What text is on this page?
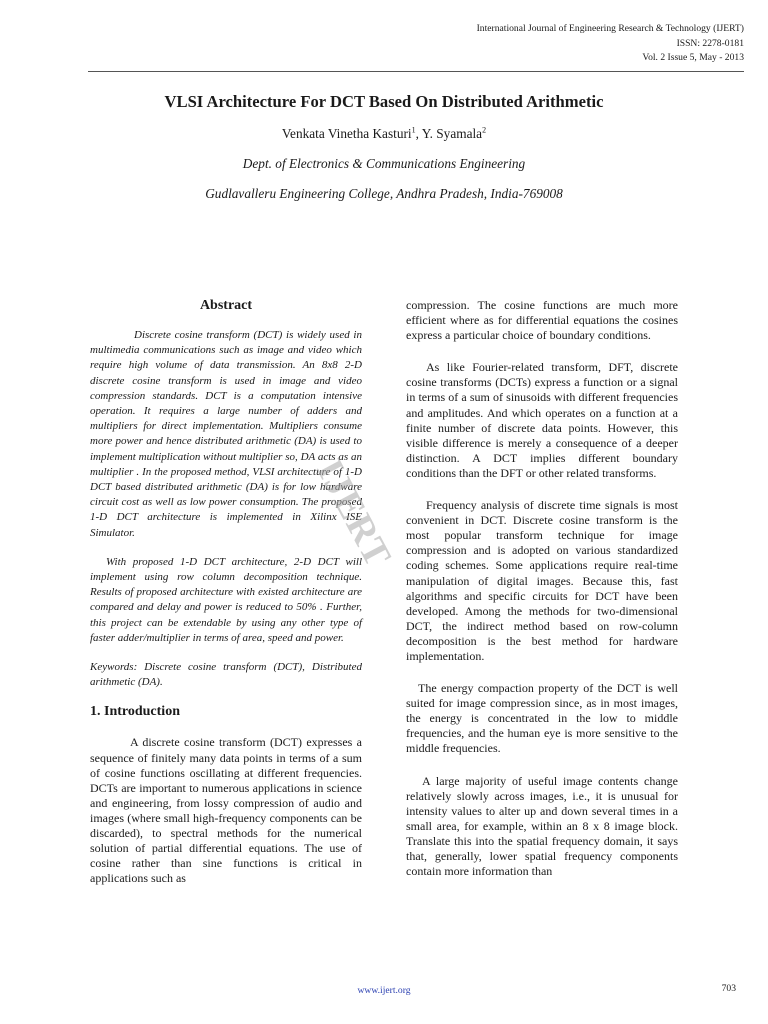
International Journal of Engineering Research & Technology (IJERT)
ISSN: 2278-0181
Vol. 2 Issue 5, May - 2013
VLSI Architecture For DCT Based On Distributed Arithmetic
Venkata Vinetha Kasturi$^1$, Y. Syamala$^2$
Dept. of Electronics & Communications Engineering
Gudlavalleru Engineering College, Andhra Pradesh, India-769008
Abstract

Discrete cosine transform (DCT) is widely used in multimedia communications such as image and video which require high volume of data transmission. An 8x8 2-D discrete cosine transform is used in image and video compression standards. DCT is a computation intensive operation. It requires a large number of adders and multipliers for direct implementation. Multipliers consume more power and hence distributed arithmetic (DA) is used to implement multiplication without multiplier so, DA acts as an multiplier . In the proposed method, VLSI architecture of 1-D DCT based distributed arithmetic (DA) is for low hardware circuit cost as well as low power consumption. The proposed 1-D DCT architecture is implemented in Xilinx ISE Simulator.

With proposed 1-D DCT architecture, 2-D DCT will implement using row column decomposition technique. Results of proposed architecture with existed architecture are compared and delay and power is reduced to 50% . Further, this project can be extendable by using any other type of faster adder/multiplier in terms of area, speed and power.

Keywords: Discrete cosine transform (DCT), Distributed arithmetic (DA).

1. Introduction

A discrete cosine transform (DCT) expresses a sequence of finitely many data points in terms of a sum of cosine functions oscillating at different frequencies. DCTs are important to numerous applications in science and engineering, from lossy compression of audio and images (where small high-frequency components can be discarded), to spectral methods for the numerical solution of partial differential equations. The use of cosine rather than sine functions is critical in applications such as

IJERT

compression. The cosine functions are much more efficient where as for differential equations the cosines express a particular choice of boundary conditions.

As like Fourier-related transform, DFT, discrete cosine transforms (DCTs) express a function or a signal in terms of a sum of sinusoids with different frequencies and amplitudes. And which operates on a function at a finite number of discrete data points. However, this visible difference is merely a consequence of a deeper distinction. A DCT implies different boundary conditions than the DFT or other related transforms.

Frequency analysis of discrete time signals is most convenient in DCT. Discrete cosine transform is the most popular transform technique for image compression and is adopted on various standardized coding schemes. Some applications require real-time manipulation of digital images. Because this, fast algorithms and specific circuits for DCT have been developed. Among the methods for two-dimensional DCT, the indirect method based on row-column decomposition is the best method for hardware implementation.

The energy compaction property of the DCT is well suited for image compression since, as in most images, the energy is concentrated in the low to middle frequencies, and the human eye is more sensitive to the middle frequencies.

A large majority of useful image contents change relatively slowly across images, i.e., it is unusual for intensity values to alter up and down several times in a small area, for example, within an 8 x 8 image block. Translate this into the spatial frequency domain, it says that, generally, lower spatial frequency components contain more information than

www.ijert.org	703
